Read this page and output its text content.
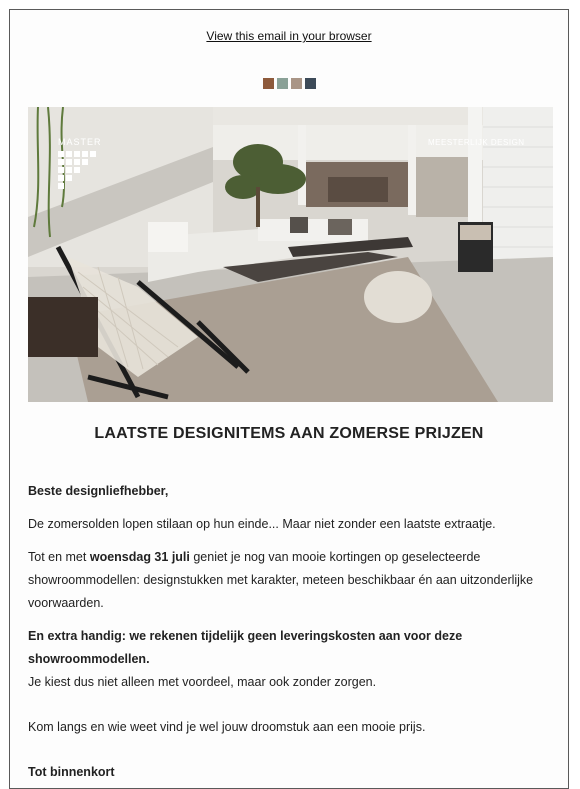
View this email in your browser
MASTER	MEESTERLIJK DESIGN
LAATSTE DESIGNITEMS AAN ZOMERSE PRIJZEN

Beste designliefhebber,

De zomersolden lopen stilaan op hun einde... Maar niet zonder een laatste extraatje.

Tot en met woensdag 31 juli geniet je nog van mooie kortingen op geselecteerde showroommodellen: designstukken met karakter, meteen beschikbaar én aan uitzonderlijke voorwaarden.

En extra handig: we rekenen tijdelijk geen leveringskosten aan voor deze showroommodellen.

Je kiest dus niet alleen met voordeel, maar ook zonder zorgen.

Kom langs en wie weet vind je wel jouw droomstuk aan een mooie prijs.

Tot binnenkort
